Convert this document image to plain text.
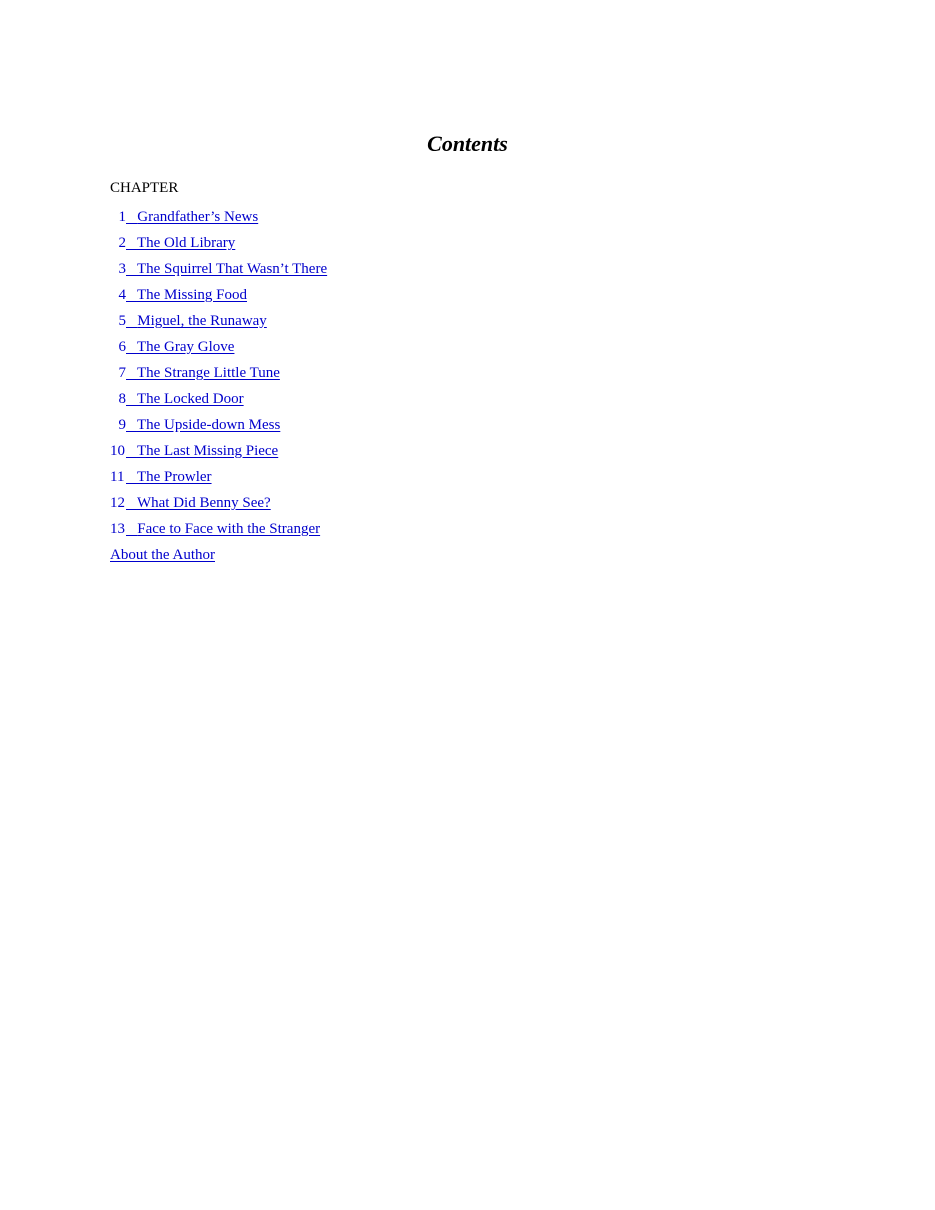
Contents
CHAPTER
1 Grandfather’s News
2 The Old Library
3 The Squirrel That Wasn’t There
4 The Missing Food
5 Miguel, the Runaway
6 The Gray Glove
7 The Strange Little Tune
8 The Locked Door
9 The Upside-down Mess
10 The Last Missing Piece
11 The Prowler
12 What Did Benny See?
13 Face to Face with the Stranger
About the Author
